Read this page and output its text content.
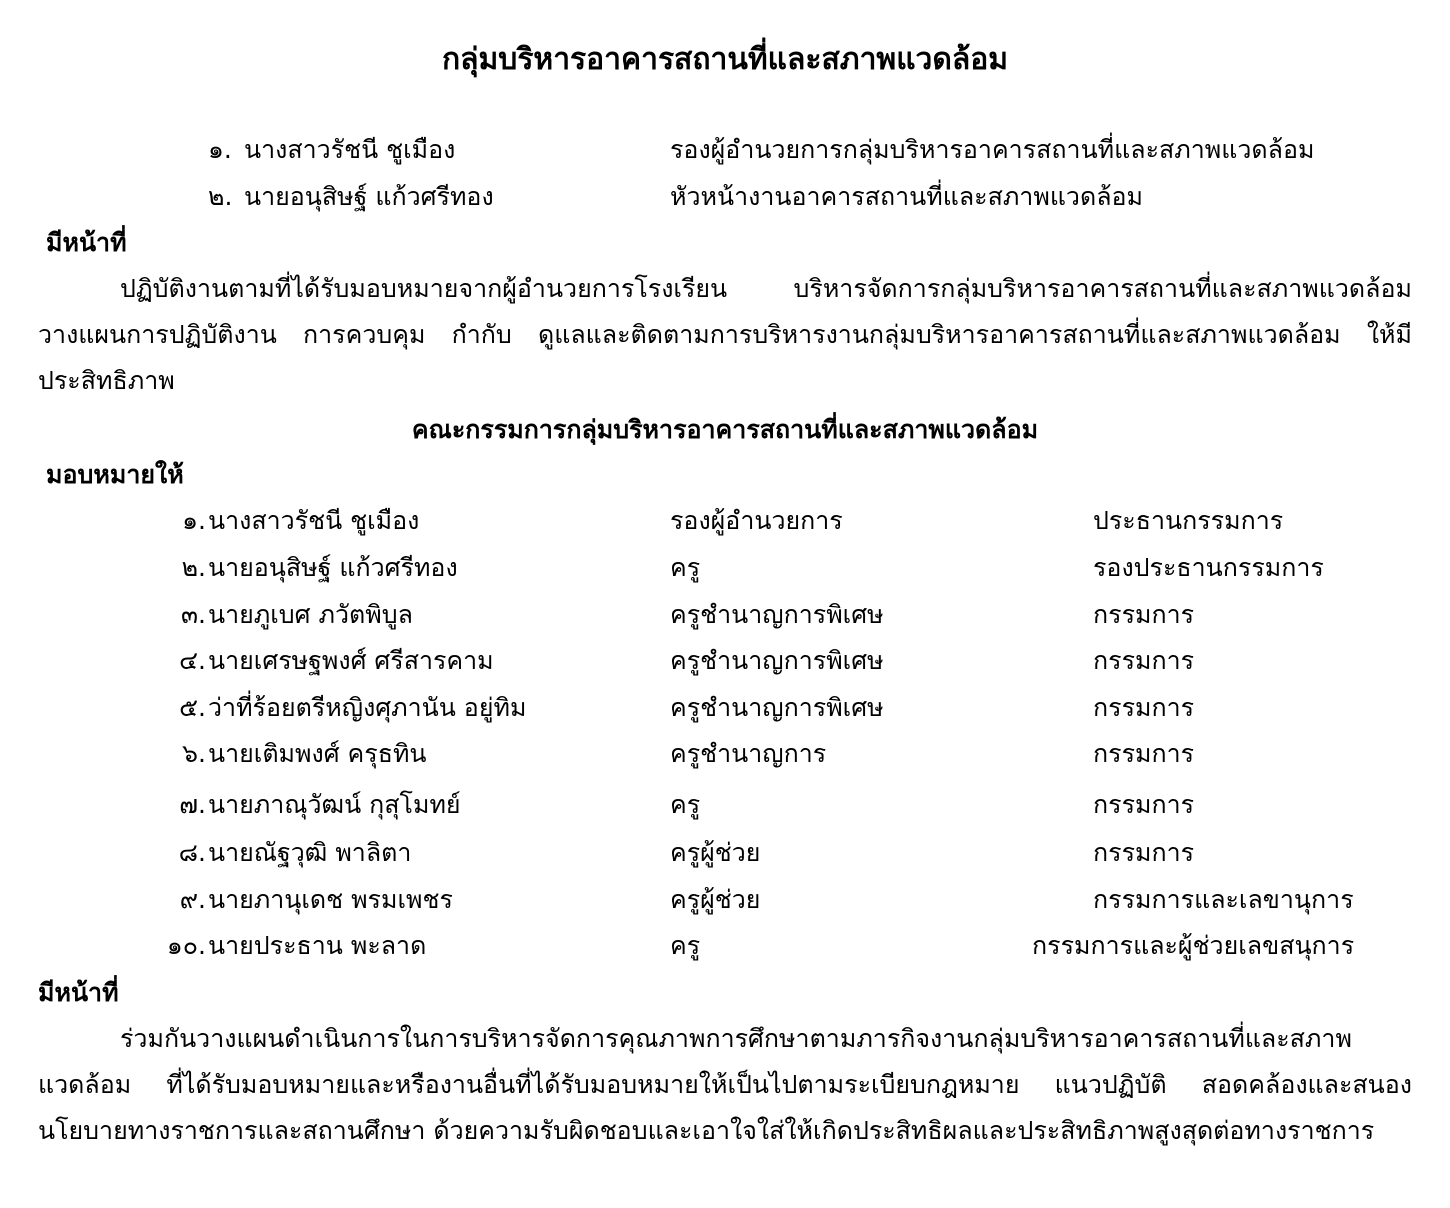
กลุ่มบริหารอาคารสถานที่และสภาพแวดล้อม
๑. นางสาวรัชนี ชูเมือง	รองผู้อำนวยการกลุ่มบริหารอาคารสถานที่และสภาพแวดล้อม
๒. นายอนุสิษฐ์ แก้วศรีทอง	หัวหน้างานอาคารสถานที่และสภาพแวดล้อม
มีหน้าที่
ปฏิบัติงานตามที่ได้รับมอบหมายจากผู้อำนวยการโรงเรียน บริหารจัดการกลุ่มบริหารอาคารสถานที่และสภาพแวดล้อม วางแผนการปฏิบัติงาน การควบคุม กำกับ ดูแลและติดตามการบริหารงานกลุ่มบริหารอาคารสถานที่และสภาพแวดล้อม ให้มีประสิทธิภาพ
คณะกรรมการกลุ่มบริหารอาคารสถานที่และสภาพแวดล้อม
มอบหมายให้
๑. นางสาวรัชนี ชูเมือง	รองผู้อำนวยการ	ประธานกรรมการ
๒. นายอนุสิษฐ์ แก้วศรีทอง	ครู	รองประธานกรรมการ
๓. นายภูเบศ ภวัตพิบูล	ครูชำนาญการพิเศษ	กรรมการ
๔. นายเศรษฐพงศ์ ศรีสารคาม	ครูชำนาญการพิเศษ	กรรมการ
๕. ว่าที่ร้อยตรีหญิงศุภานัน อยู่ทิม	ครูชำนาญการพิเศษ	กรรมการ
๖. นายเติมพงศ์ ครุธทิน	ครูชำนาญการ	กรรมการ
๗. นายภาณุวัฒน์ กุสุโมทย์	ครู	กรรมการ
๘. นายณัฐวุฒิ พาลิตา	ครูผู้ช่วย	กรรมการ
๙. นายภานุเดช พรมเพชร	ครูผู้ช่วย	กรรมการและเลขานุการ
๑๐. นายประธาน พะลาด	ครู	กรรมการและผู้ช่วยเลขสนุการ
มีหน้าที่
ร่วมกันวางแผนดำเนินการในการบริหารจัดการคุณภาพการศึกษาตามภารกิจงานกลุ่มบริหารอาคารสถานที่และสภาพแวดล้อม ที่ได้รับมอบหมายและหรืองานอื่นที่ได้รับมอบหมายให้เป็นไปตามระเบียบกฎหมาย แนวปฏิบัติ สอดคล้องและสนองนโยบายทางราชการและสถานศึกษา ด้วยความรับผิดชอบและเอาใจใส่ให้เกิดประสิทธิผลและประสิทธิภาพสูงสุดต่อทางราชการ
